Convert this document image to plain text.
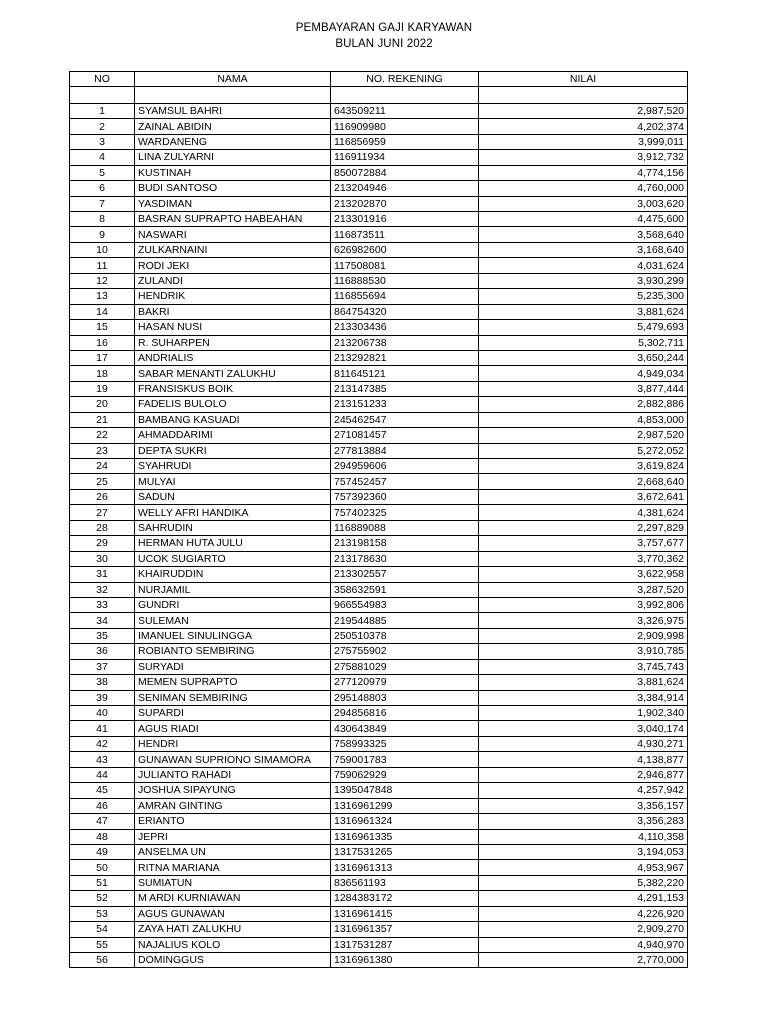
PEMBAYARAN GAJI KARYAWAN
BULAN JUNI 2022
NO	NAMA	NO. REKENING	NILAI

1	SYAMSUL BAHRI	643509211	2,987,520
2	ZAINAL ABIDIN	116909980	4,202,374
3	WARDANENG	116856959	3,999,011
4	LINA ZULYARNI	116911934	3,912,732
5	KUSTINAH	850072884	4,774,156
6	BUDI SANTOSO	213204946	4,760,000
7	YASDIMAN	213202870	3,003,620
8	BASRAN SUPRAPTO HABEAHAN	213301916	4,475,600
9	NASWARI	116873511	3,568,640
10	ZULKARNAINI	626982600	3,168,640
11	RODI JEKI	117508081	4,031,624
12	ZULANDI	116888530	3,930,299
13	HENDRIK	116855694	5,235,300
14	BAKRI	864754320	3,881,624
15	HASAN NUSI	213303436	5,479,693
16	R. SUHARPEN	213206738	5,302,711
17	ANDRIALIS	213292821	3,650,244
18	SABAR MENANTI ZALUKHU	811645121	4,949,034
19	FRANSISKUS BOIK	213147385	3,877,444
20	FADELIS BULOLO	213151233	2,882,886
21	BAMBANG KASUADI	245462547	4,853,000
22	AHMADDARIMI	271081457	2,987,520
23	DEPTA SUKRI	277813884	5,272,052
24	SYAHRUDI	294959606	3,619,824
25	MULYAI	757452457	2,668,640
26	SADUN	757392360	3,672,641
27	WELLY AFRI HANDIKA	757402325	4,381,624
28	SAHRUDIN	116889088	2,297,829
29	HERMAN HUTA JULU	213198158	3,757,677
30	UCOK SUGIARTO	213178630	3,770,362
31	KHAIRUDDIN	213302557	3,622,958
32	NURJAMIL	358632591	3,287,520
33	GUNDRI	966554983	3,992,806
34	SULEMAN	219544885	3,326,975
35	IMANUEL SINULINGGA	250510378	2,909,998
36	ROBIANTO SEMBIRING	275755902	3,910,785
37	SURYADI	275881029	3,745,743
38	MEMEN SUPRAPTO	277120979	3,881,624
39	SENIMAN SEMBIRING	295148803	3,384,914
40	SUPARDI	294856816	1,902,340
41	AGUS RIADI	430643849	3,040,174
42	HENDRI	758993325	4,930,271
43	GUNAWAN SUPRIONO SIMAMORA	759001783	4,138,877
44	JULIANTO RAHADI	759062929	2,946,877
45	JOSHUA SIPAYUNG	1395047848	4,257,942
46	AMRAN GINTING	1316961299	3,356,157
47	ERIANTO	1316961324	3,356,283
48	JEPRI	1316961335	4,110,358
49	ANSELMA UN	1317531265	3,194,053
50	RITNA MARIANA	1316961313	4,953,967
51	SUMIATUN	836561193	5,382,220
52	M ARDI KURNIAWAN	1284383172	4,291,153
53	AGUS GUNAWAN	1316961415	4,226,920
54	ZAYA HATI ZALUKHU	1316961357	2,909,270
55	NAJALIUS KOLO	1317531287	4,940,970
56	DOMINGGUS	1316961380	2,770,000
